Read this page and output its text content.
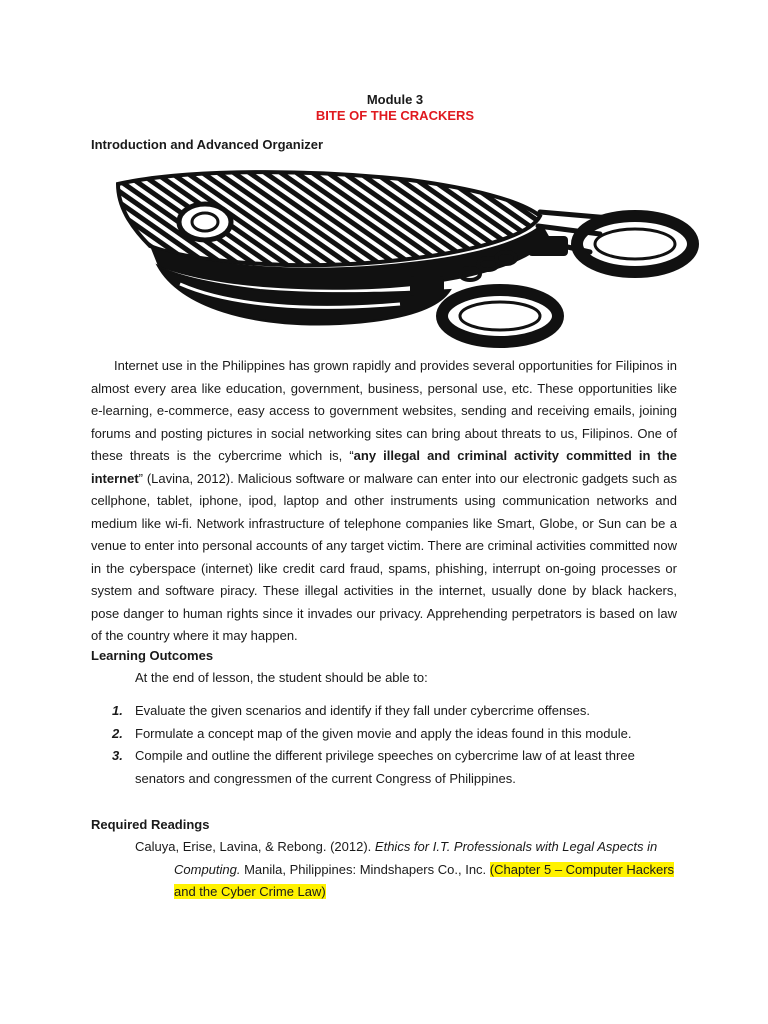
Module 3
BITE OF THE CRACKERS
Introduction and Advanced Organizer

Internet use in the Philippines has grown rapidly and provides several opportunities for Filipinos in almost every area like education, government, business, personal use, etc. These opportunities like e-learning, e-commerce, easy access to government websites, sending and receiving emails, joining forums and posting pictures in social networking sites can bring about threats to us, Filipinos. One of these threats is the cybercrime which is, “any illegal and criminal activity committed in the internet” (Lavina, 2012). Malicious software or malware can enter into our electronic gadgets such as cellphone, tablet, iphone, ipod, laptop and other instruments using communication networks and medium like wi-fi. Network infrastructure of telephone companies like Smart, Globe, or Sun can be a venue to enter into personal accounts of any target victim. There are criminal activities committed now in the cyberspace (internet) like credit card fraud, spams, phishing, interrupt on-going processes or system and software piracy. These illegal activities in the internet, usually done by black hackers, pose danger to human rights since it invades our privacy. Apprehending perpetrators is based on law of the country where it may happen.

Learning Outcomes
At the end of lesson, the student should be able to:
1. Evaluate the given scenarios and identify if they fall under cybercrime offenses.
2. Formulate a concept map of the given movie and apply the ideas found in this module.
3. Compile and outline the different privilege speeches on cybercrime law of at least three senators and congressmen of the current Congress of Philippines.
Required Readings
Caluya, Erise, Lavina, & Rebong. (2012). Ethics for I.T. Professionals with Legal Aspects in
Computing. Manila, Philippines: Mindshapers Co., Inc. (Chapter 5 – Computer Hackers
and the Cyber Crime Law)
